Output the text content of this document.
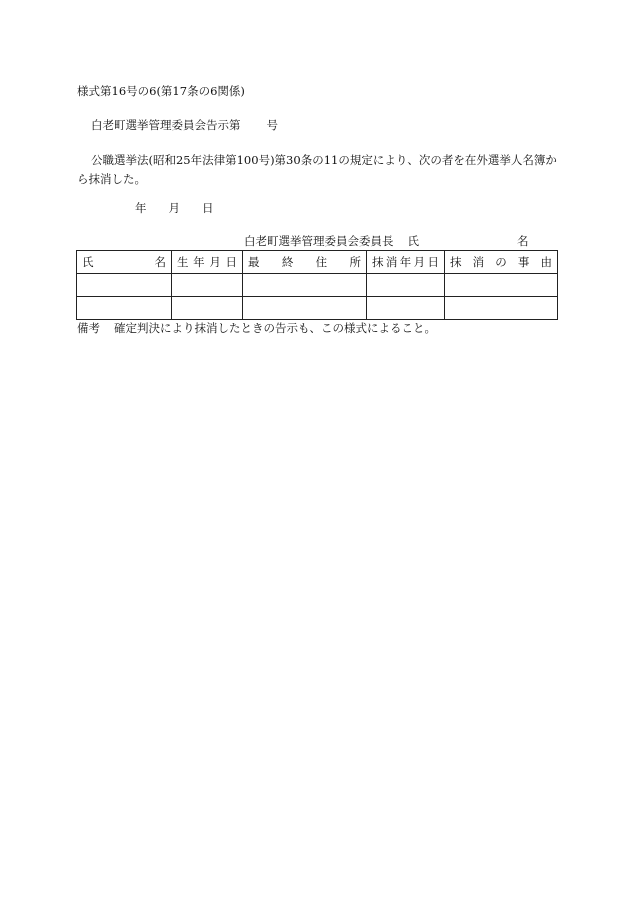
様式第16号の6(第17条の6関係)
白老町選挙管理委員会告示第 号
公職選挙法(昭和25年法律第100号)第30条の11の規定により、次の者を在外選挙人名簿から抹消した。
年 月 日
白老町選挙管理委員会委員長 氏	名
氏名	生年月日	最終住所	抹消年月日	抹消の事由

備考 確定判決により抹消したときの告示も、この様式によること。
